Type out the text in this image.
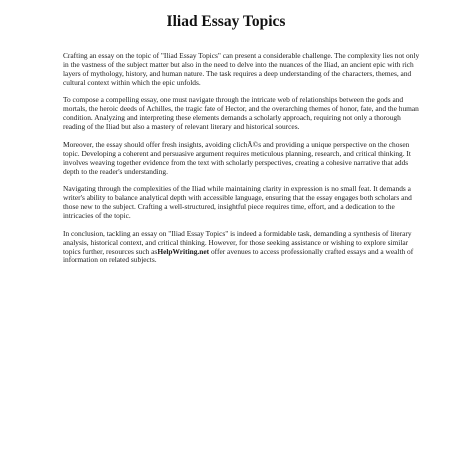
Iliad Essay Topics

Crafting an essay on the topic of "Iliad Essay Topics" can present a considerable challenge. The complexity lies not only in the vastness of the subject matter but also in the need to delve into the nuances of the Iliad, an ancient epic with rich layers of mythology, history, and human nature. The task requires a deep understanding of the characters, themes, and cultural context within which the epic unfolds.

To compose a compelling essay, one must navigate through the intricate web of relationships between the gods and mortals, the heroic deeds of Achilles, the tragic fate of Hector, and the overarching themes of honor, fate, and the human condition. Analyzing and interpreting these elements demands a scholarly approach, requiring not only a thorough reading of the Iliad but also a mastery of relevant literary and historical sources.

Moreover, the essay should offer fresh insights, avoiding clichÃ©s and providing a unique perspective on the chosen topic. Developing a coherent and persuasive argument requires meticulous planning, research, and critical thinking. It involves weaving together evidence from the text with scholarly perspectives, creating a cohesive narrative that adds depth to the reader's understanding.

Navigating through the complexities of the Iliad while maintaining clarity in expression is no small feat. It demands a writer's ability to balance analytical depth with accessible language, ensuring that the essay engages both scholars and those new to the subject. Crafting a well-structured, insightful piece requires time, effort, and a dedication to the intricacies of the topic.

In conclusion, tackling an essay on "Iliad Essay Topics" is indeed a formidable task, demanding a synthesis of literary analysis, historical context, and critical thinking. However, for those seeking assistance or wishing to explore similar topics further, resources such asHelpWriting.net offer avenues to access professionally crafted essays and a wealth of information on related subjects.
